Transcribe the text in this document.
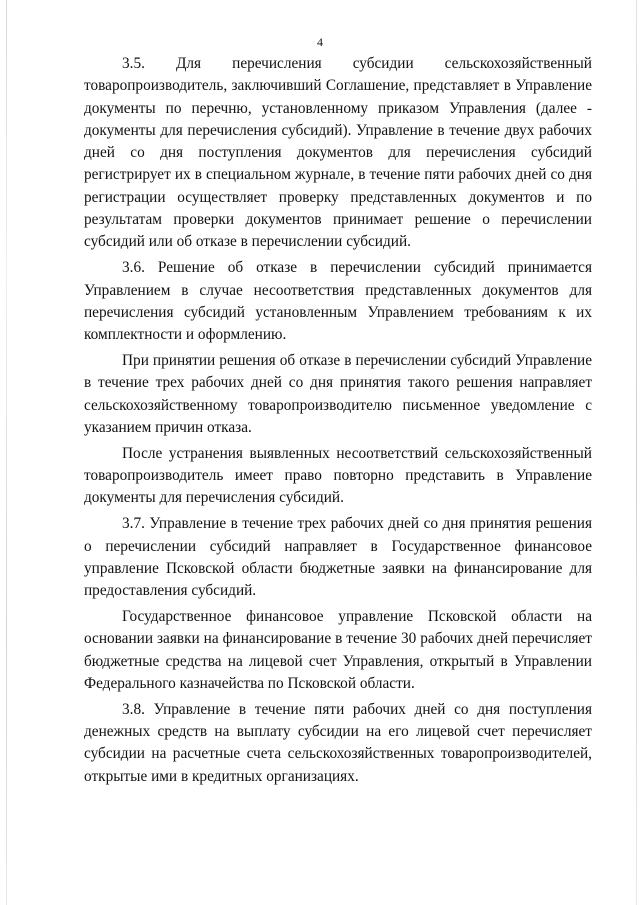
4

3.5. Для перечисления субсидии сельскохозяйственный товаропроизводитель, заключивший Соглашение, представляет в Управление документы по перечню, установленному приказом Управления (далее - документы для перечисления субсидий). Управление в течение двух рабочих дней со дня поступления документов для перечисления субсидий регистрирует их в специальном журнале, в течение пяти рабочих дней со дня регистрации осуществляет проверку представленных документов и по результатам проверки документов принимает решение о перечислении субсидий или об отказе в перечислении субсидий.

3.6. Решение об отказе в перечислении субсидий принимается Управлением в случае несоответствия представленных документов для перечисления субсидий установленным Управлением требованиям к их комплектности и оформлению.

При принятии решения об отказе в перечислении субсидий Управление в течение трех рабочих дней со дня принятия такого решения направляет сельскохозяйственному товаропроизводителю письменное уведомление с указанием причин отказа.

После устранения выявленных несоответствий сельскохозяйственный товаропроизводитель имеет право повторно представить в Управление документы для перечисления субсидий.

3.7. Управление в течение трех рабочих дней со дня принятия решения о перечислении субсидий направляет в Государственное финансовое управление Псковской области бюджетные заявки на финансирование для предоставления субсидий.

Государственное финансовое управление Псковской области на основании заявки на финансирование в течение 30 рабочих дней перечисляет бюджетные средства на лицевой счет Управления, открытый в Управлении Федерального казначейства по Псковской области.

3.8. Управление в течение пяти рабочих дней со дня поступления денежных средств на выплату субсидии на его лицевой счет перечисляет субсидии на расчетные счета сельскохозяйственных товаропроизводителей, открытые ими в кредитных организациях.
